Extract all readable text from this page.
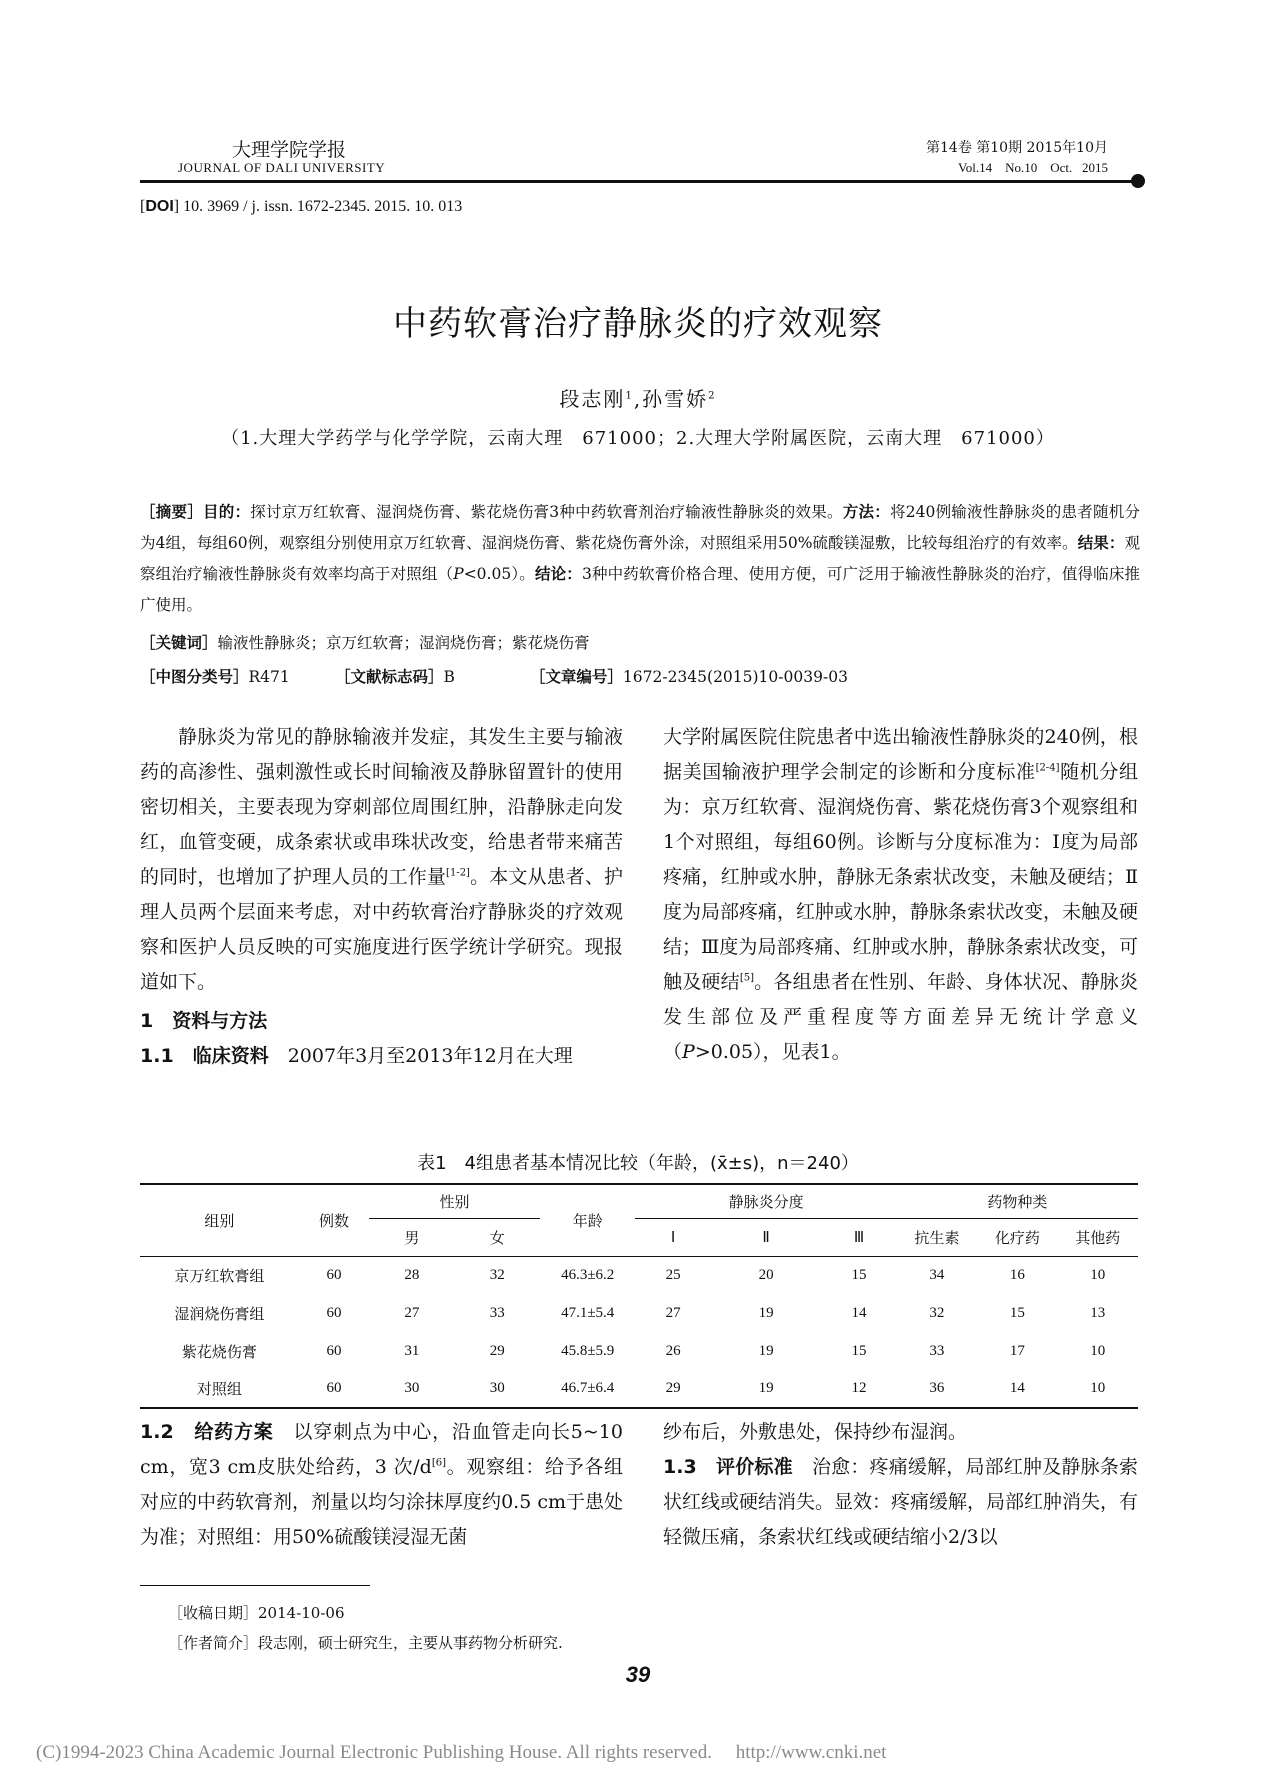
大理学院学报
JOURNAL OF DALI UNIVERSITY
第14卷 第10期 2015年10月
Vol.14    No.10    Oct.   2015
[DOI] 10. 3969 / j. issn. 1672-2345. 2015. 10. 013
中药软膏治疗静脉炎的疗效观察
段志刚$^1$,孙雪娇$^2$
（1.大理大学药学与化学学院，云南大理　671000；2.大理大学附属医院，云南大理　671000）
［摘要］目的：探讨京万红软膏、湿润烧伤膏、紫花烧伤膏3种中药软膏剂治疗输液性静脉炎的效果。方法：将240例输液性静脉炎的患者随机分为4组，每组60例，观察组分别使用京万红软膏、湿润烧伤膏、紫花烧伤膏外涂，对照组采用50%硫酸镁湿敷，比较每组治疗的有效率。结果：观察组治疗输液性静脉炎有效率均高于对照组（P<0.05）。结论：3种中药软膏价格合理、使用方便，可广泛用于输液性静脉炎的治疗，值得临床推广使用。
［关键词］输液性静脉炎；京万红软膏；湿润烧伤膏；紫花烧伤膏
［中图分类号］R471	［文献标志码］B	［文章编号］1672-2345(2015)10-0039-03
静脉炎为常见的静脉输液并发症，其发生主要与输液药的高渗性、强刺激性或长时间输液及静脉留置针的使用密切相关，主要表现为穿刺部位周围红肿，沿静脉走向发红，血管变硬，成条索状或串珠状改变，给患者带来痛苦的同时，也增加了护理人员的工作量[1-2]。本文从患者、护理人员两个层面来考虑，对中药软膏治疗静脉炎的疗效观察和医护人员反映的可实施度进行医学统计学研究。现报道如下。
1　资料与方法
1.1　 临床资料　 2007年3月至2013年12月在大理
大学附属医院住院患者中选出输液性静脉炎的240例，根据美国输液护理学会制定的诊断和分度标准[2-4]随机分组为：京万红软膏、湿润烧伤膏、紫花烧伤膏3个观察组和1个对照组，每组60例。诊断与分度标准为：Ⅰ度为局部疼痛，红肿或水肿，静脉无条索状改变，未触及硬结；Ⅱ度为局部疼痛，红肿或水肿，静脉条索状改变，未触及硬结；Ⅲ度为局部疼痛、红肿或水肿，静脉条索状改变，可触及硬结[5]。各组患者在性别、年龄、身体状况、静脉炎发生部位及严重程度等方面差异无统计学意义（P>0.05），见表1。
表1　4组患者基本情况比较（年龄，(x̄±s)，n＝240）
组别	例数	性别		年龄	静脉炎分度			药物种类		
		男	女		Ⅰ	Ⅱ	Ⅲ	抗生素	化疗药	其他药
京万红软膏组	60	28	32	46.3±6.2	25	20	15	34	16	10
湿润烧伤膏组	60	27	33	47.1±5.4	27	19	14	32	15	13
紫花烧伤膏	60	31	29	45.8±5.9	26	19	15	33	17	10
对照组	60	30	30	46.7±6.4	29	19	12	36	14	10
1.2　 给药方案　 以穿刺点为中心，沿血管走向长5~10 cm，宽3 cm皮肤处给药，3 次/d[6]。观察组：给予各组对应的中药软膏剂，剂量以均匀涂抹厚度约0.5 cm于患处为准；对照组：用50%硫酸镁浸湿无菌
纱布后，外敷患处，保持纱布湿润。
1.3　 评价标准　 治愈：疼痛缓解，局部红肿及静脉条索状红线或硬结消失。显效：疼痛缓解，局部红肿消失，有轻微压痛，条索状红线或硬结缩小2/3以
［收稿日期］2014-10-06
［作者简介］段志刚，硕士研究生，主要从事药物分析研究.
39
(C)1994-2023 China Academic Journal Electronic Publishing House. All rights reserved.     http://www.cnki.net
